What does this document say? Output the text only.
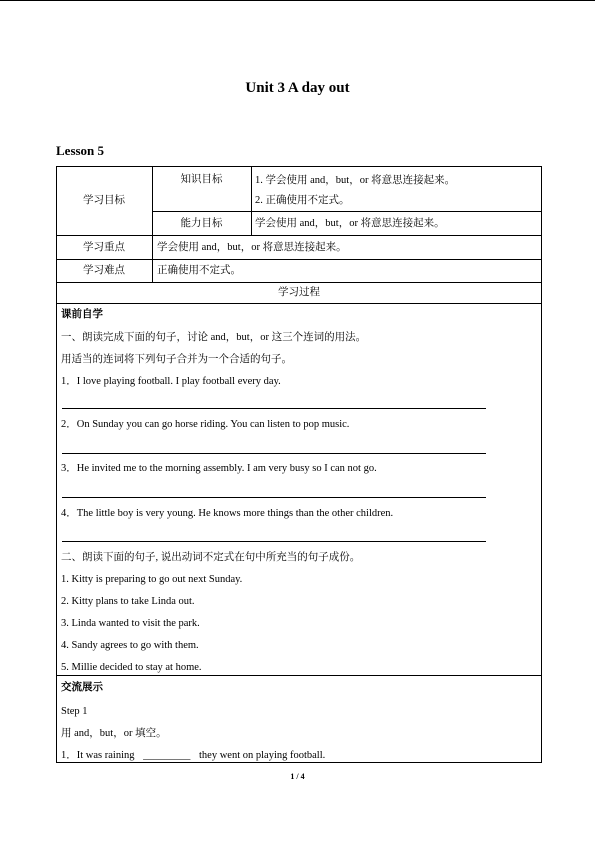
Unit 3 A day out
Lesson 5
学习目标
知识目标	1. 学会使用 and，but，or 将意思连接起来。
2. 正确使用不定式。
能力目标	学会使用 and，but，or 将意思连接起来。
学习重点	学会使用 and，but，or 将意思连接起来。
学习难点	正确使用不定式。
学习过程
课前自学
一、朗读完成下面的句子，讨论 and，but，or 这三个连词的用法。
用适当的连词将下列句子合并为一个合适的句子。
1．I love playing football. I play football every day.
2．On Sunday you can go horse riding. You can listen to pop music.
3．He invited me to the morning assembly. I am very busy so I can not go.
4．The little boy is very young. He knows more things than the other children.
二、朗读下面的句子, 说出动词不定式在句中所充当的句子成份。
1. Kitty is preparing to go out next Sunday.
2. Kitty plans to take Linda out.
3. Linda wanted to visit the park.
4. Sandy agrees to go with them.
5. Millie decided to stay at home.
交流展示
Step 1
用 and，but，or 填空。
1．It was raining _________ they went on playing football.
1 / 4
